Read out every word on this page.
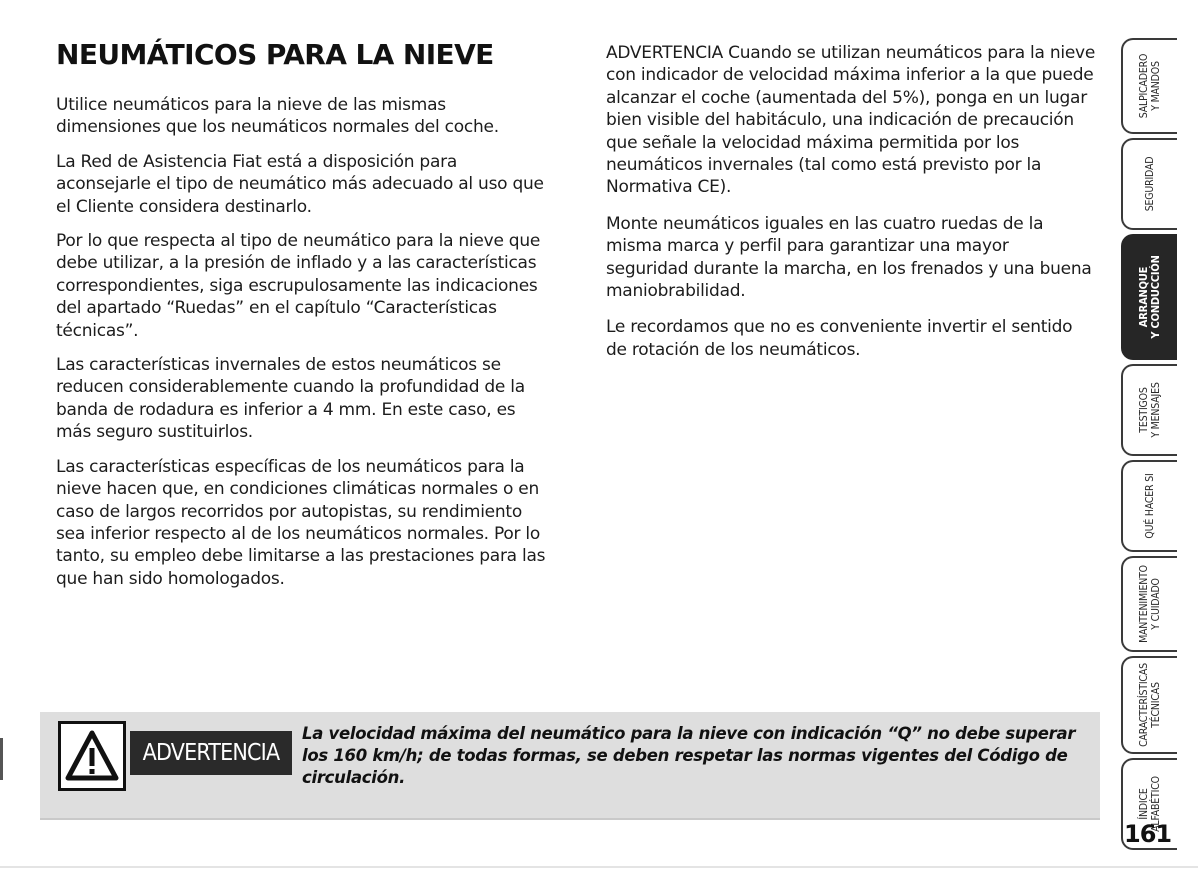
NEUMÁTICOS PARA LA NIEVE

Utilice neumáticos para la nieve de las mismas dimensiones que los neumáticos normales del coche.

La Red de Asistencia Fiat está a disposición para aconsejarle el tipo de neumático más adecuado al uso que el Cliente considera destinarlo.

Por lo que respecta al tipo de neumático para la nieve que debe utilizar, a la presión de inflado y a las características correspondientes, siga escrupulosamente las indicaciones del apartado “Ruedas” en el capítulo “Características técnicas”.

Las características invernales de estos neumáticos se reducen considerablemente cuando la profundidad de la banda de rodadura es inferior a 4 mm. En este caso, es más seguro sustituirlos.

Las características específicas de los neumáticos para la nieve hacen que, en condiciones climáticas normales o en caso de largos recorridos por autopistas, su rendimiento sea inferior respecto al de los neumáticos normales. Por lo tanto, su empleo debe limitarse a las prestaciones para las que han sido homologados.

ADVERTENCIA Cuando se utilizan neumáticos para la nieve con indicador de velocidad máxima inferior a la que puede alcanzar el coche (aumentada del 5%), ponga en un lugar bien visible del habitáculo, una indicación de precaución que señale la velocidad máxima permitida por los neumáticos invernales (tal como está previsto por la Normativa CE).

Monte neumáticos iguales en las cuatro ruedas de la misma marca y perfil para garantizar una mayor seguridad durante la marcha, en los frenados y una buena maniobrabilidad.

Le recordamos que no es conveniente invertir el sentido de rotación de los neumáticos.

ADVERTENCIA

La velocidad máxima del neumático para la nieve con indicación “Q” no debe superar los 160 km/h; de todas formas, se deben respetar las normas vigentes del Código de circulación.

SALPICADERO Y MANDOS
SEGURIDAD
ARRANQUE Y CONDUCCIÓN
TESTIGOS Y MENSAJES
QUÉ HACER SI
MANTENIMIENTO Y CUIDADO
CARACTERÍSTICAS TÉCNICAS
ÍNDICE ALFABÉTICO
161
